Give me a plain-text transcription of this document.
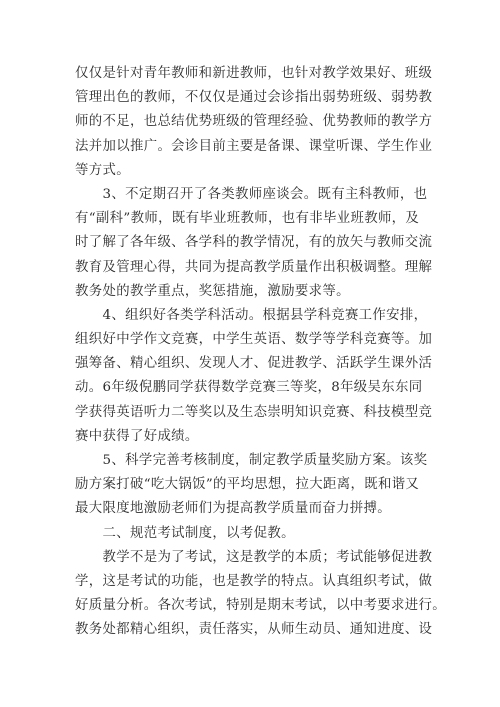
仅仅是针对青年教师和新进教师，也针对教学效果好、班级
管理出色的教师，不仅仅是通过会诊指出弱势班级、弱势教
师的不足，也总结优势班级的管理经验、优势教师的教学方
法并加以推广。会诊目前主要是备课、课堂听课、学生作业
等方式。
　　3、不定期召开了各类教师座谈会。既有主科教师，也
有“副科”教师，既有毕业班教师，也有非毕业班教师，及
时了解了各年级、各学科的教学情况，有的放矢与教师交流
教育及管理心得，共同为提高教学质量作出积极调整。理解
教务处的教学重点，奖惩措施，激励要求等。
　　4、组织好各类学科活动。根据县学科竞赛工作安排，
组织好中学作文竞赛，中学生英语、数学等学科竞赛等。加
强筹备、精心组织、发现人才、促进教学、活跃学生课外活
动。6年级倪鹏同学获得数学竞赛三等奖，8年级吴东东同
学获得英语听力二等奖以及生态崇明知识竞赛、科技模型竞
赛中获得了好成绩。
　　5、科学完善考核制度，制定教学质量奖励方案。该奖
励方案打破“吃大锅饭”的平均思想，拉大距离，既和谐又
最大限度地激励老师们为提高教学质量而奋力拼搏。
　　二、规范考试制度，以考促教。
　　教学不是为了考试，这是教学的本质；考试能够促进教
学，这是考试的功能，也是教学的特点。认真组织考试，做
好质量分析。各次考试，特别是期末考试，以中考要求进行。
教务处都精心组织，责任落实，从师生动员、通知进度、设
